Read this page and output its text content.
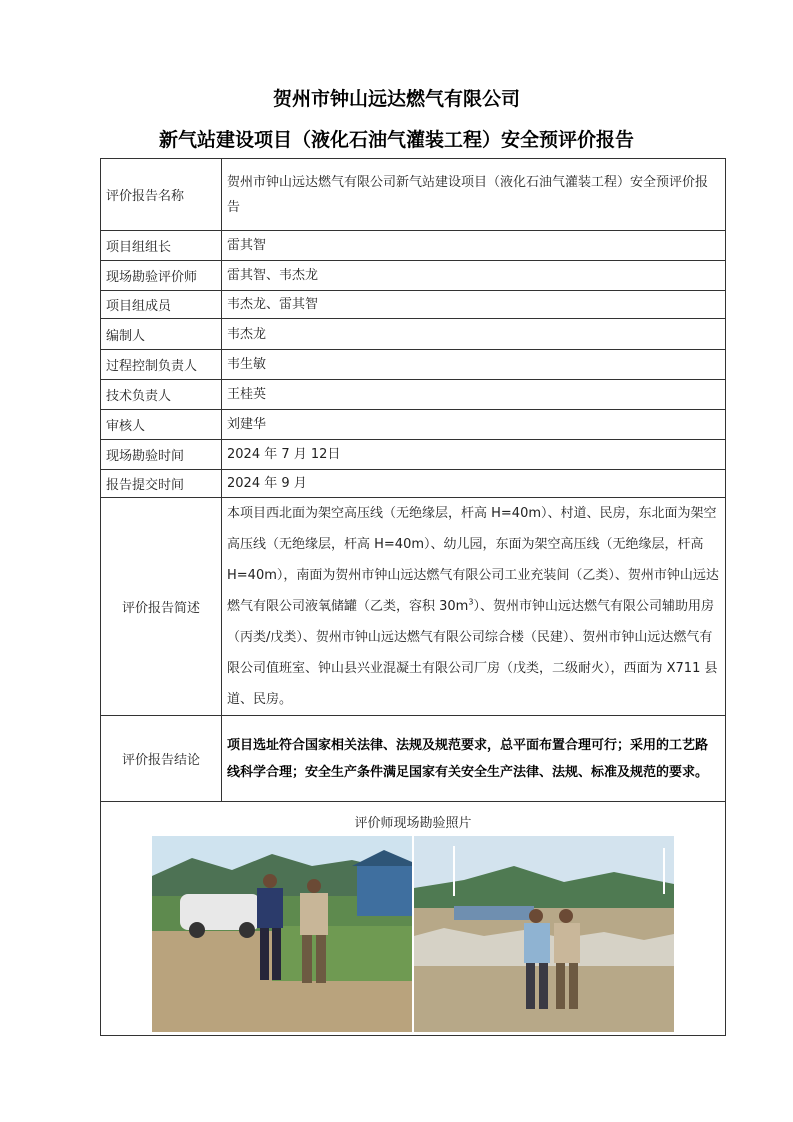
贺州市钟山远达燃气有限公司
新气站建设项目（液化石油气灌装工程）安全预评价报告
评价报告名称	贺州市钟山远达燃气有限公司新气站建设项目（液化石油气灌装工程）安全预评价报告
项目组组长	雷其智
现场勘验评价师	雷其智、韦杰龙
项目组成员	韦杰龙、雷其智
编制人	韦杰龙
过程控制负责人	韦生敏
技术负责人	王桂英
审核人	刘建华
现场勘验时间	2024 年 7 月 12日
报告提交时间	2024 年 9 月
评价报告简述	本项目西北面为架空高压线（无绝缘层，杆高 H=40m）、村道、民房，东北面为架空高压线（无绝缘层，杆高 H=40m）、幼儿园，东面为架空高压线（无绝缘层，杆高 H=40m），南面为贺州市钟山远达燃气有限公司工业充装间（乙类）、贺州市钟山远达燃气有限公司液氧储罐（乙类，容积 $30m^3$）、贺州市钟山远达燃气有限公司辅助用房（丙类/戊类）、贺州市钟山远达燃气有限公司综合楼（民建）、贺州市钟山远达燃气有限公司值班室、钟山县兴业混凝土有限公司厂房（戊类，二级耐火），西面为 X711 县道、民房。
评价报告结论	项目选址符合国家相关法律、法规及规范要求，总平面布置合理可行；采用的工艺路线科学合理；安全生产条件满足国家有关安全生产法律、法规、标准及规范的要求。

评价师现场勘验照片	
